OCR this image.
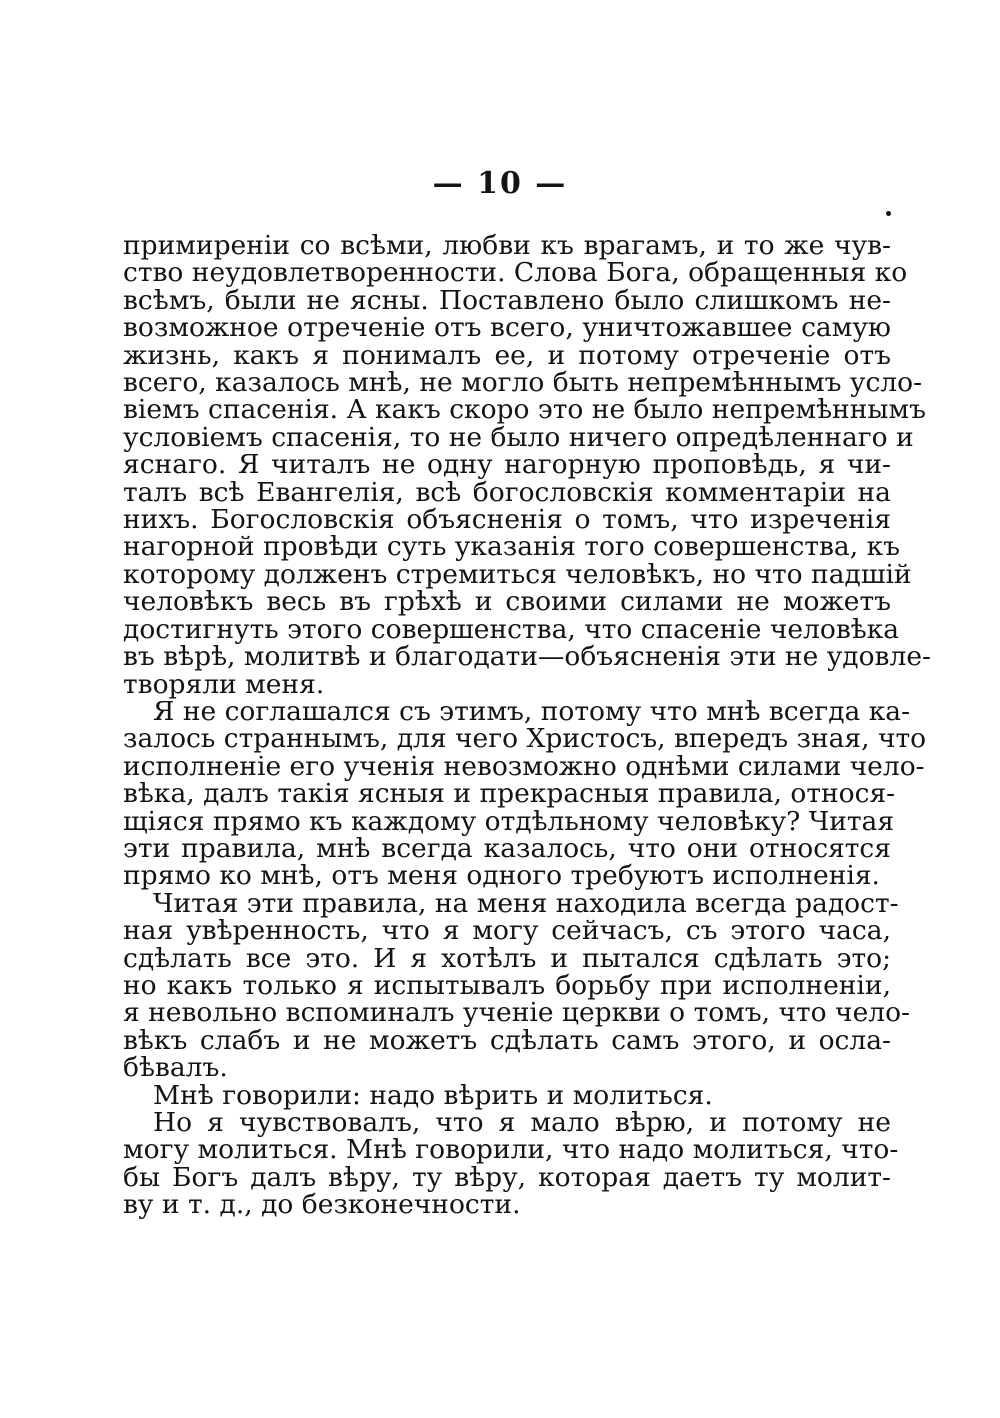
— 10 —
примиренiи со всѣми, любви къ врагамъ, и то же чув-
ство неудовлетворенности. Слова Бога, обращенныя ко
всѣмъ, были не ясны. Поставлено было слишкомъ не-
возможное отреченiе отъ всего, уничтожавшее самую
жизнь, какъ я понималъ ее, и потому отреченiе отъ
всего, казалось мнѣ, не могло быть непремѣннымъ усло-
вiемъ спасенiя. А какъ скоро это не было непремѣннымъ
условiемъ спасенiя, то не было ничего опредѣленнаго и
яснаго. Я читалъ не одну нагорную проповѣдь, я чи-
талъ всѣ Евангелiя, всѣ богословскiя комментарiи на
нихъ. Богословскiя объясненiя о томъ, что изреченiя
нагорной провѣди суть указанiя того совершенства, къ
которому долженъ стремиться человѣкъ, но что падшiй
человѣкъ весь въ грѣхѣ и своими силами не можетъ
достигнуть этого совершенства, что спасенiе человѣка
въ вѣрѣ, молитвѣ и благодати—объясненiя эти не удовле-
творяли меня.
Я не соглашался съ этимъ, потому что мнѣ всегда ка-
залось страннымъ, для чего Христосъ, впередъ зная, что
исполненiе его ученiя невозможно однѣми силами чело-
вѣка, далъ такiя ясныя и прекрасныя правила, относя-
щiяся прямо къ каждому отдѣльному человѣку? Читая
эти правила, мнѣ всегда казалось, что они относятся
прямо ко мнѣ, отъ меня одного требуютъ исполненiя.
Читая эти правила, на меня находила всегда радост-
ная увѣренность, что я могу сейчасъ, съ этого часа,
сдѣлать все это. И я хотѣлъ и пытался сдѣлать это;
но какъ только я испытывалъ борьбу при исполненiи,
я невольно вспоминалъ ученiе церкви о томъ, что чело-
вѣкъ слабъ и не можетъ сдѣлать самъ этого, и осла-
бѣвалъ.
Мнѣ говорили: надо вѣрить и молиться.
Но я чувствовалъ, что я мало вѣрю, и потому не
могу молиться. Мнѣ говорили, что надо молиться, что-
бы Богъ далъ вѣру, ту вѣру, которая даетъ ту молит-
ву и т. д., до безконечности.
